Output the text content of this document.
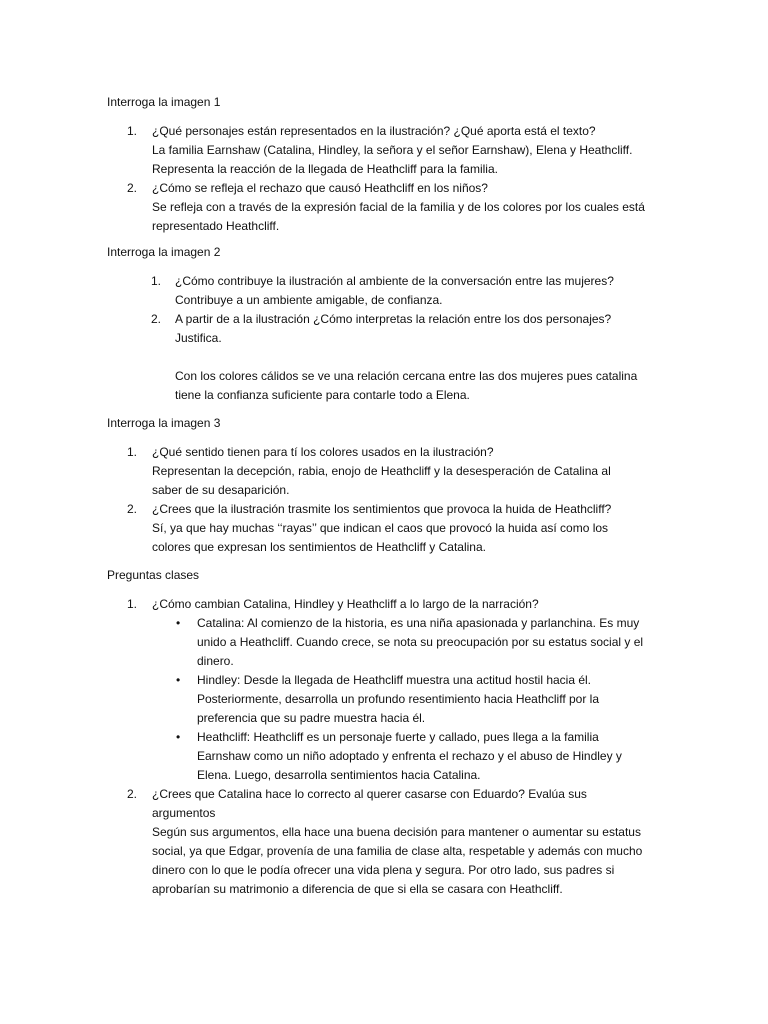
Interroga la imagen 1
1. ¿Qué personajes están representados en la ilustración? ¿Qué aporta está el texto?

La familia Earnshaw (Catalina, Hindley, la señora y el señor Earnshaw), Elena y Heathcliff.

Representa la reacción de la llegada de Heathcliff para la familia.

2. ¿Cómo se refleja el rechazo que causó Heathcliff en los niños?

Se refleja con a través de la expresión facial de la familia y de los colores por los cuales está

representado Heathcliff.

Interroga la imagen 2
1. ¿Cómo contribuye la ilustración al ambiente de la conversación entre las mujeres?

Contribuye a un ambiente amigable, de confianza.

2. A partir de a la ilustración ¿Cómo interpretas la relación entre los dos personajes?

Justifica.

Con los colores cálidos se ve una relación cercana entre las dos mujeres pues catalina

tiene la confianza suficiente para contarle todo a Elena.

Interroga la imagen 3
1. ¿Qué sentido tienen para tí los colores usados en la ilustración?

Representan la decepción, rabia, enojo de Heathcliff y la desesperación de Catalina al

saber de su desaparición.

2. ¿Crees que la ilustración trasmite los sentimientos que provoca la huida de Heathcliff?

Sí, ya que hay muchas ‘‘rayas’’ que indican el caos que provocó la huida así como los

colores que expresan los sentimientos de Heathcliff y Catalina.

Preguntas clases
1. ¿Cómo cambian Catalina, Hindley y Heathcliff a lo largo de la narración?

• Catalina: Al comienzo de la historia, es una niña apasionada y parlanchina. Es muy

unido a Heathcliff. Cuando crece, se nota su preocupación por su estatus social y el

dinero.

• Hindley: Desde la llegada de Heathcliff muestra una actitud hostil hacia él.

Posteriormente, desarrolla un profundo resentimiento hacia Heathcliff por la

preferencia que su padre muestra hacia él.

• Heathcliff: Heathcliff es un personaje fuerte y callado, pues llega a la familia

Earnshaw como un niño adoptado y enfrenta el rechazo y el abuso de Hindley y

Elena. Luego, desarrolla sentimientos hacia Catalina.

2. ¿Crees que Catalina hace lo correcto al querer casarse con Eduardo? Evalúa sus

argumentos

Según sus argumentos, ella hace una buena decisión para mantener o aumentar su estatus

social, ya que Edgar, provenía de una familia de clase alta, respetable y además con mucho

dinero con lo que le podía ofrecer una vida plena y segura. Por otro lado, sus padres si

aprobarían su matrimonio a diferencia de que si ella se casara con Heathcliff.
